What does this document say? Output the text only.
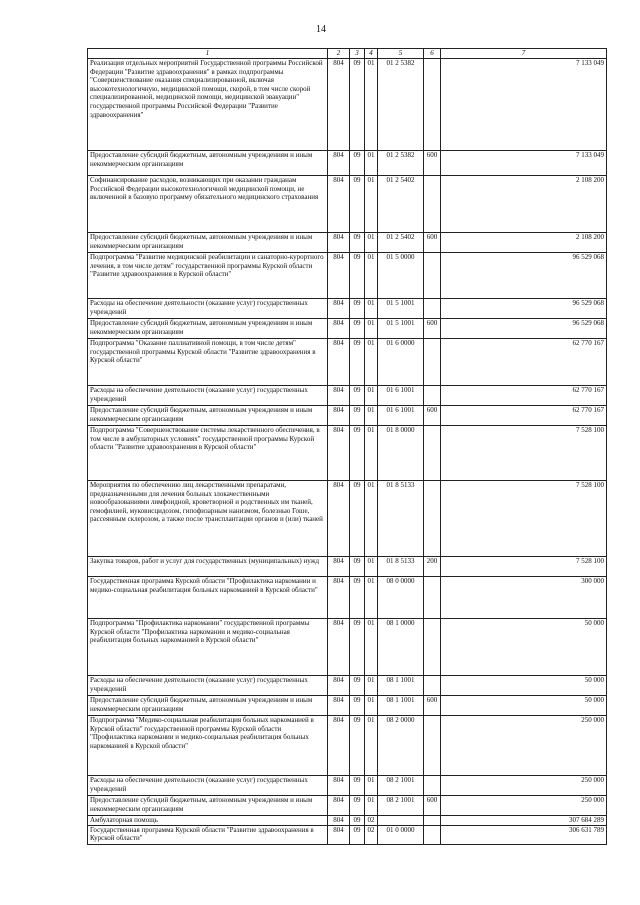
14
1	2	3	4	5	6	7
Реализация отдельных мероприятий Государственной программы Российской Федерации "Развитие здравоохранения" в рамках подпрограммы "Совершенствование оказания специализированной, включая высокотехнологичную, медицинской помощи, скорой, в том числе скорой специализированной, медицинской помощи, медицинской эвакуации" государственной программы Российской Федерации "Развитие здравоохранения"	804	09	01	01 2 5382		7 133 049
Предоставление субсидий бюджетным, автономным учреждениям и иным некоммерческим организациям	804	09	01	01 2 5382	600	7 133 049
Софинансирование расходов, возникающих при оказании гражданам Российской Федерации высокотехнологичной медицинской помощи, не включенной в базовую программу обязательного медицинского страхования	804	09	01	01 2 5402		2 108 200
Предоставление субсидий бюджетным, автономным учреждениям и иным некоммерческим организациям	804	09	01	01 2 5402	600	2 108 200
Подпрограмма "Развитие медицинской реабилитации и санаторно-курортного лечения, в том числе детям" государственной программы Курской области "Развитие здравоохранения в Курской области"	804	09	01	01 5 0000		96 529 068
Расходы на обеспечение деятельности (оказание услуг) государственных учреждений	804	09	01	01 5 1001		96 529 068
Предоставление субсидий бюджетным, автономным учреждениям и иным некоммерческим организациям	804	09	01	01 5 1001	600	96 529 068
Подпрограмма "Оказание паллиативной помощи, в том числе детям" государственной программы Курской области "Развитие здравоохранения в Курской области"	804	09	01	01 6 0000		62 770 167
Расходы на обеспечение деятельности (оказание услуг) государственных учреждений	804	09	01	01 6 1001		62 770 167
Предоставление субсидий бюджетным, автономным учреждениям и иным некоммерческим организациям	804	09	01	01 6 1001	600	62 770 167
Подпрограмма "Совершенствование системы лекарственного обеспечения, в том числе в амбулаторных условиях" государственной программы Курской области "Развитие здравоохранения в Курской области"	804	09	01	01 8 0000		7 528 100
Мероприятия по обеспечению лиц лекарственными препаратами, предназначенными для лечения больных злокачественными новообразованиями лимфоидной, кроветворной и родственных им тканей, гемофилией, муковисцидозом, гипофизарным нанизмом, болезнью Гоше, рассеянным склерозом, а также после трансплантации органов и (или) тканей	804	09	01	01 8 5133		7 528 100
Закупка товаров, работ и услуг для государственных (муниципальных) нужд	804	09	01	01 8 5133	200	7 528 100
Государственная программа Курской области "Профилактика наркомании и медико-социальная реабилитация больных наркоманией в Курской области"	804	09	01	08 0 0000		300 000
Подпрограмма "Профилактика наркомании" государственной программы Курской области "Профилактика наркомании и медико-социальная реабилитация больных наркоманией в Курской области"	804	09	01	08 1 0000		50 000
Расходы на обеспечение деятельности (оказание услуг) государственных учреждений	804	09	01	08 1 1001		50 000
Предоставление субсидий бюджетным, автономным учреждениям и иным некоммерческим организациям	804	09	01	08 1 1001	600	50 000
Подпрограмма "Медико-социальная реабилитация больных наркоманией в Курской области" государственной программы Курской области "Профилактика наркомании и медико-социальная реабилитация больных наркоманией в Курской области"	804	09	01	08 2 0000		250 000
Расходы на обеспечение деятельности (оказание услуг) государственных учреждений	804	09	01	08 2 1001		250 000
Предоставление субсидий бюджетным, автономным учреждениям и иным некоммерческим организациям	804	09	01	08 2 1001	600	250 000
Амбулаторная помощь	804	09	02			307 684 289
Государственная программа Курской области "Развитие здравоохранения в Курской области"	804	09	02	01 0 0000		306 631 789
